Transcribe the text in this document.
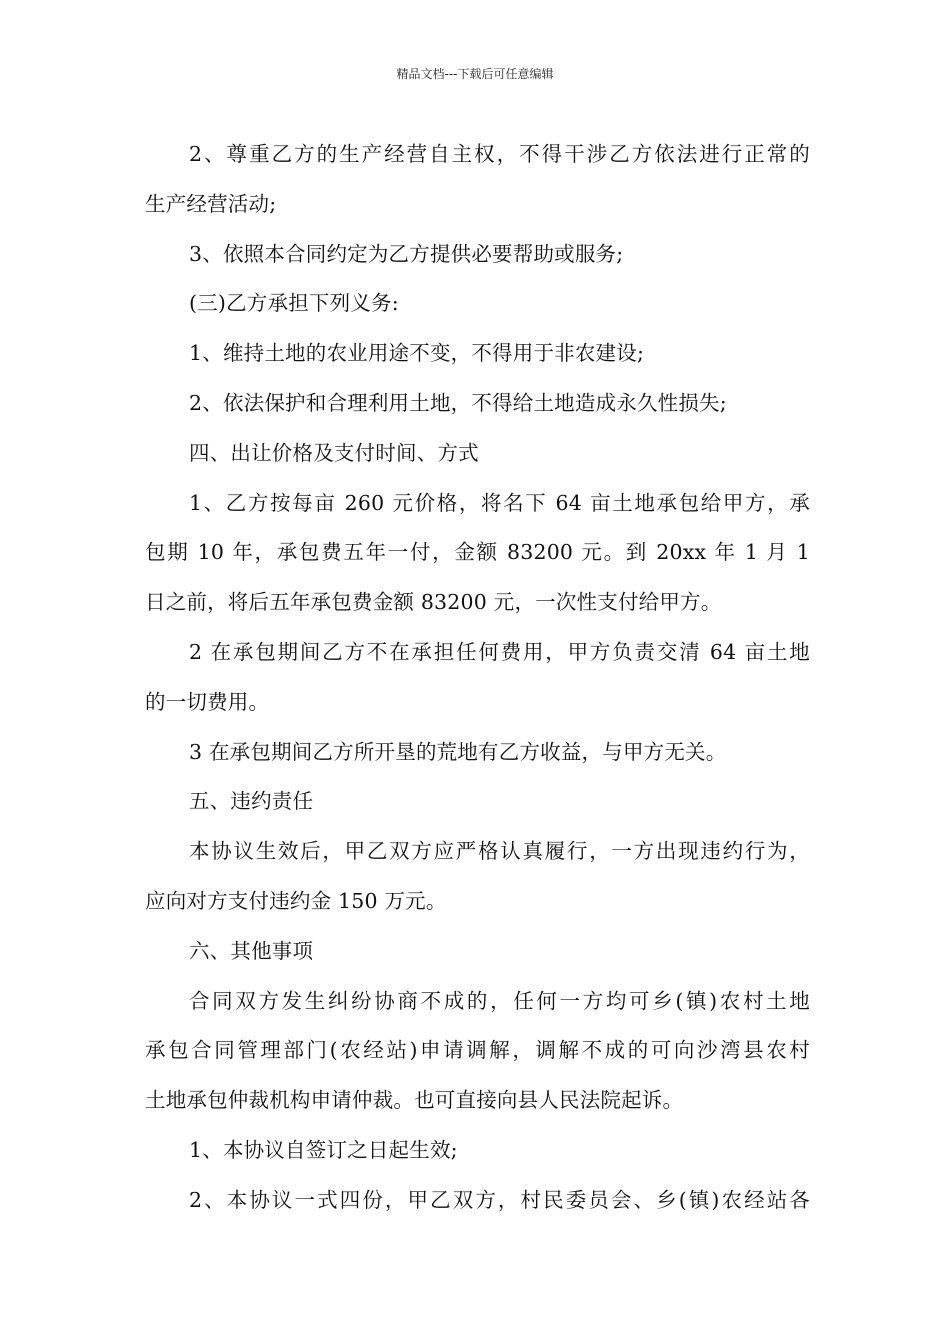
精品文档---下载后可任意编辑
2、尊重乙方的生产经营自主权，不得干涉乙方依法进行正常的
生产经营活动;
3、依照本合同约定为乙方提供必要帮助或服务;
(三)乙方承担下列义务:
1、维持土地的农业用途不变，不得用于非农建设;
2、依法保护和合理利用土地，不得给土地造成永久性损失;
四、出让价格及支付时间、方式
1、乙方按每亩 260 元价格，将名下 64 亩土地承包给甲方，承
包期 10 年，承包费五年一付，金额 83200 元。到 20xx 年 1 月 1
日之前，将后五年承包费金额 83200 元，一次性支付给甲方。
2 在承包期间乙方不在承担任何费用，甲方负责交清 64 亩土地
的一切费用。
3 在承包期间乙方所开垦的荒地有乙方收益，与甲方无关。
五、违约责任
本协议生效后，甲乙双方应严格认真履行，一方出现违约行为，
应向对方支付违约金 150 万元。
六、其他事项
合同双方发生纠纷协商不成的，任何一方均可乡(镇)农村土地
承包合同管理部门(农经站)申请调解，调解不成的可向沙湾县农村
土地承包仲裁机构申请仲裁。也可直接向县人民法院起诉。
1、本协议自签订之日起生效;
2、本协议一式四份，甲乙双方，村民委员会、乡(镇)农经站各
